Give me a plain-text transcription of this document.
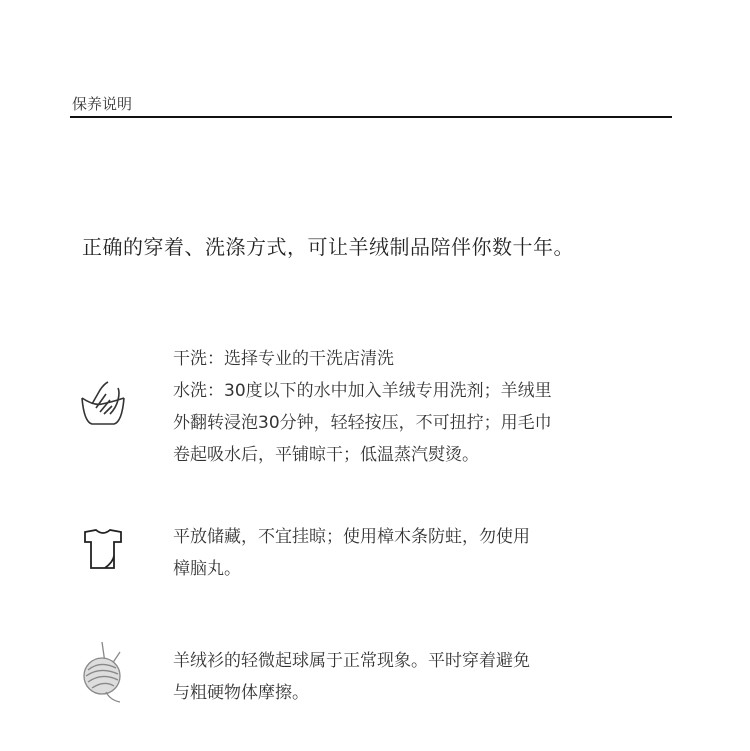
保养说明
正确的穿着、洗涤方式，可让羊绒制品陪伴你数十年。
干洗：选择专业的干洗店清洗
水洗：30度以下的水中加入羊绒专用洗剂；羊绒里
外翻转浸泡30分钟，轻轻按压，不可扭拧；用毛巾
卷起吸水后，平铺晾干；低温蒸汽熨烫。
平放储藏，不宜挂晾；使用樟木条防蛀，勿使用
樟脑丸。
羊绒衫的轻微起球属于正常现象。平时穿着避免
与粗硬物体摩擦。
